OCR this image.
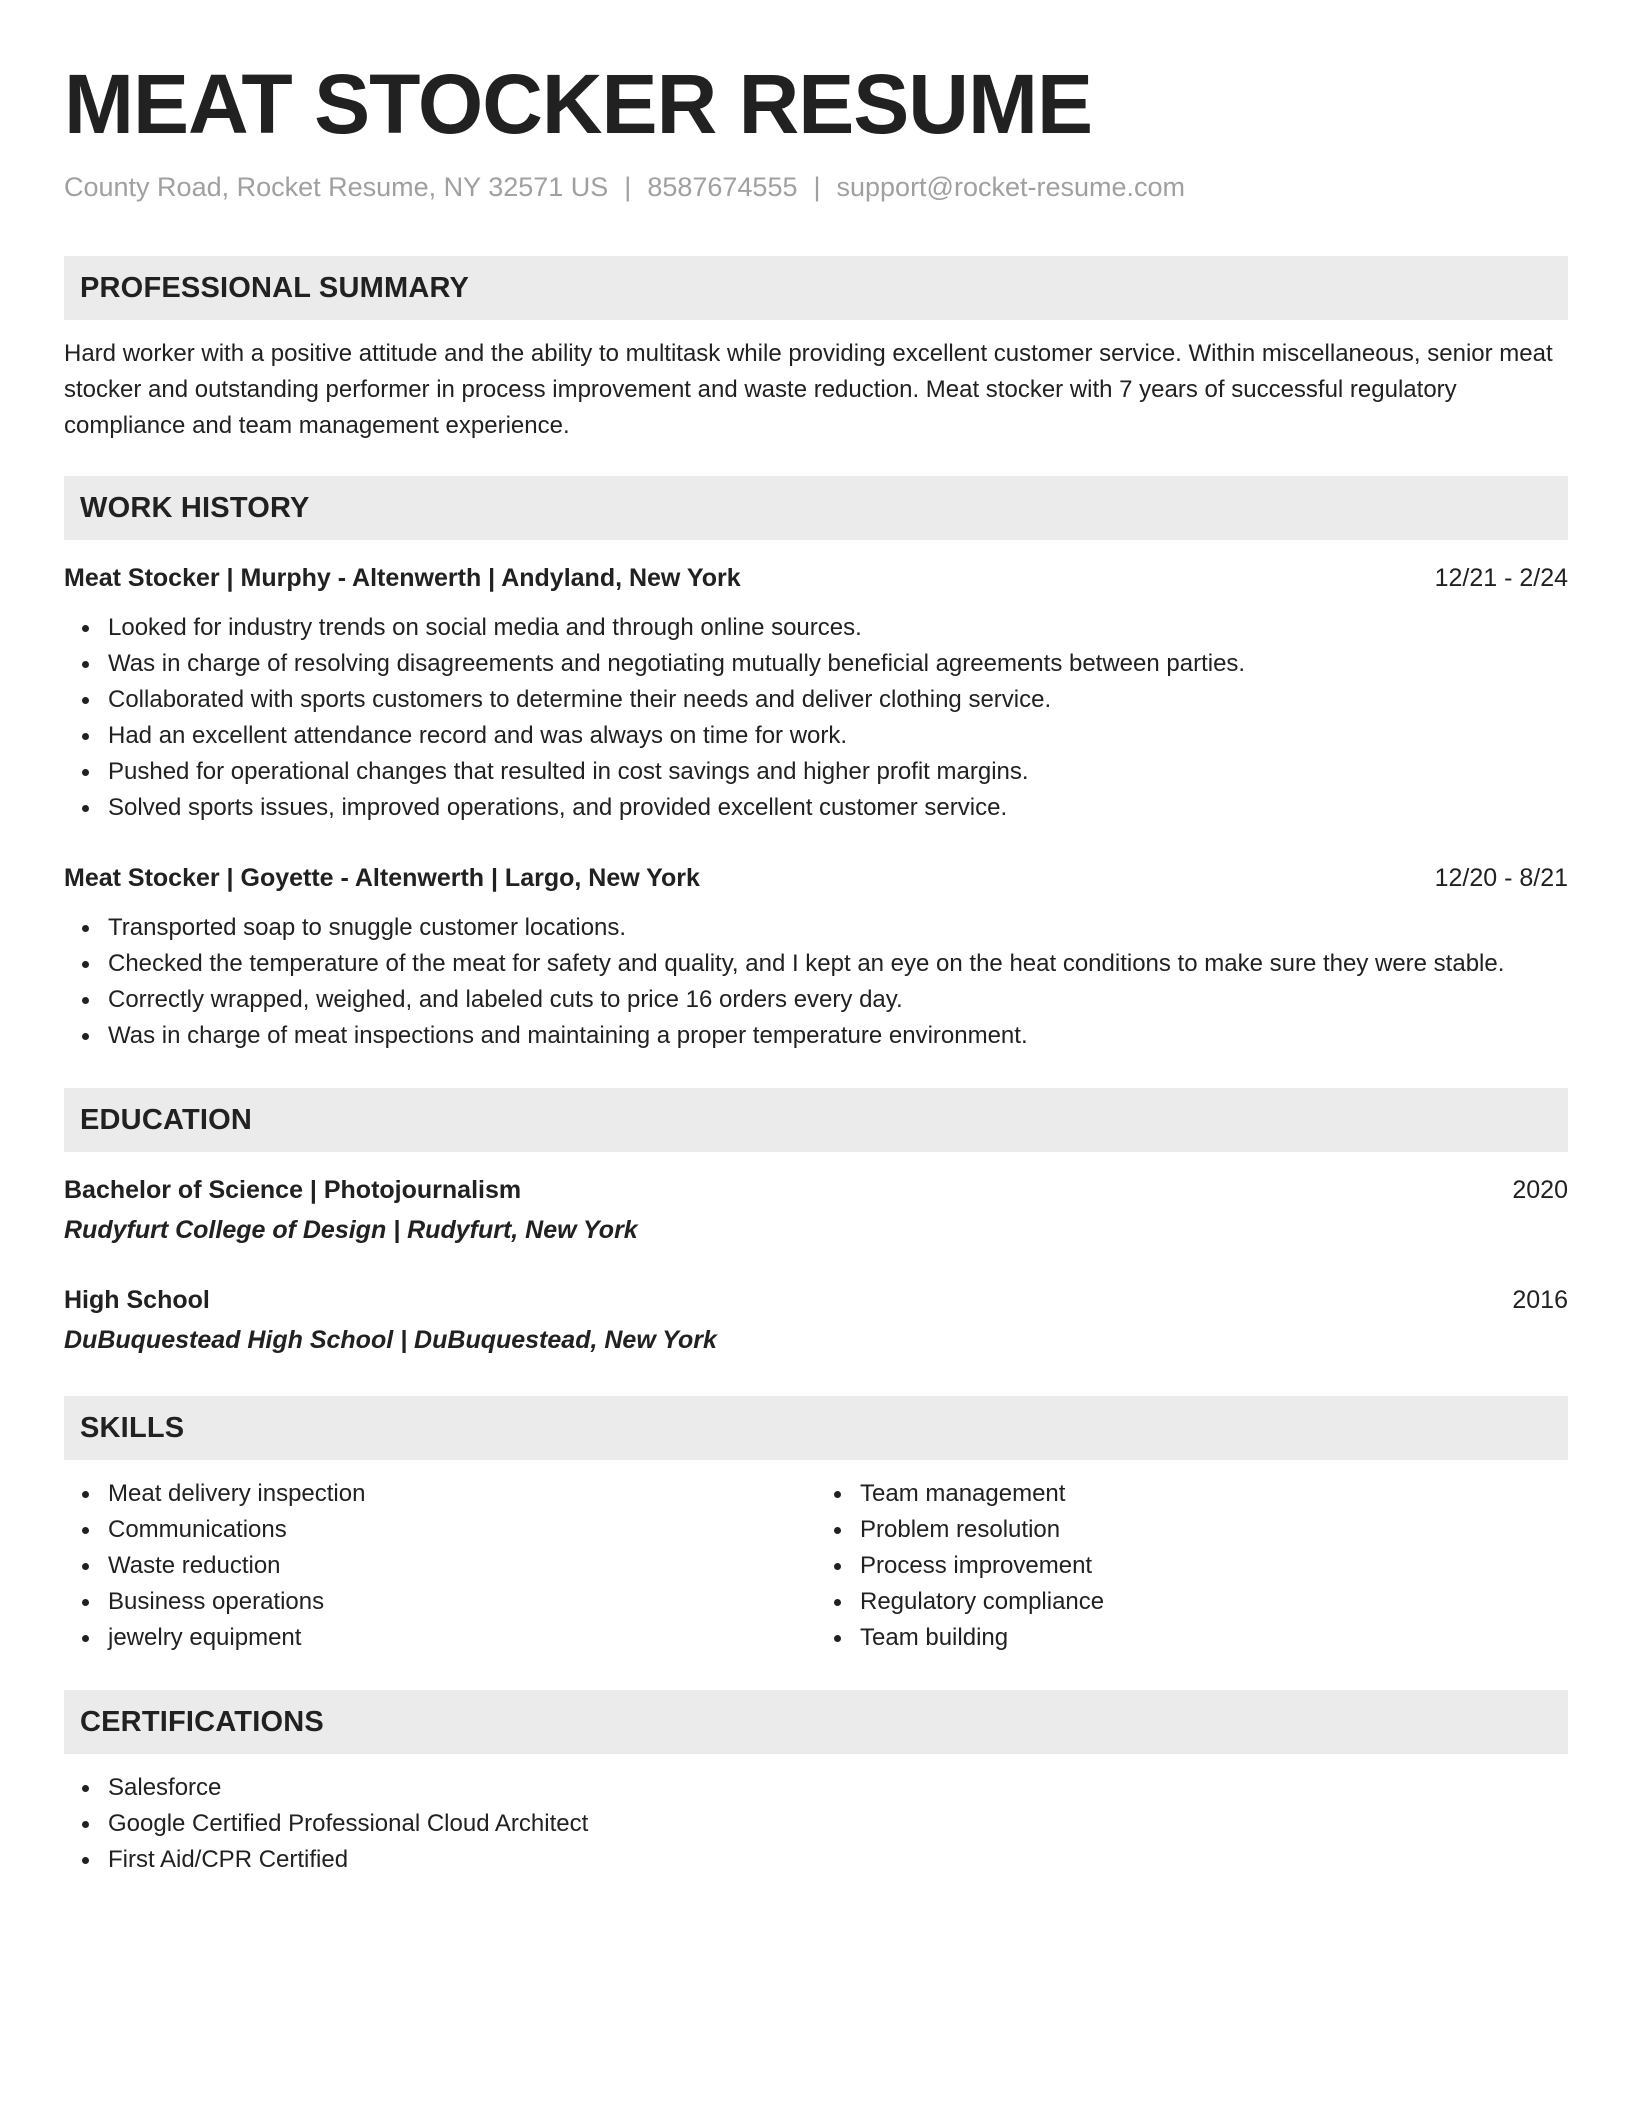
MEAT STOCKER RESUME
County Road, Rocket Resume, NY 32571 US | 8587674555 | support@rocket-resume.com
PROFESSIONAL SUMMARY

Hard worker with a positive attitude and the ability to multitask while providing excellent customer service. Within miscellaneous, senior meat stocker and outstanding performer in process improvement and waste reduction. Meat stocker with 7 years of successful regulatory compliance and team management experience.

WORK HISTORY
Meat Stocker | Murphy - Altenwerth | Andyland, New York	12/21 - 2/24
Looked for industry trends on social media and through online sources.
Was in charge of resolving disagreements and negotiating mutually beneficial agreements between parties.
Collaborated with sports customers to determine their needs and deliver clothing service.
Had an excellent attendance record and was always on time for work.
Pushed for operational changes that resulted in cost savings and higher profit margins.
Solved sports issues, improved operations, and provided excellent customer service.
Meat Stocker | Goyette - Altenwerth | Largo, New York	12/20 - 8/21
Transported soap to snuggle customer locations.
Checked the temperature of the meat for safety and quality, and I kept an eye on the heat conditions to make sure they were stable.
Correctly wrapped, weighed, and labeled cuts to price 16 orders every day.
Was in charge of meat inspections and maintaining a proper temperature environment.
EDUCATION
Bachelor of Science | Photojournalism	2020
Rudyfurt College of Design | Rudyfurt, New York
High School	2016
DuBuquestead High School | DuBuquestead, New York
SKILLS
Meat delivery inspection
Communications
Waste reduction
Business operations
jewelry equipment
Team management
Problem resolution
Process improvement
Regulatory compliance
Team building
CERTIFICATIONS
Salesforce
Google Certified Professional Cloud Architect
First Aid/CPR Certified
